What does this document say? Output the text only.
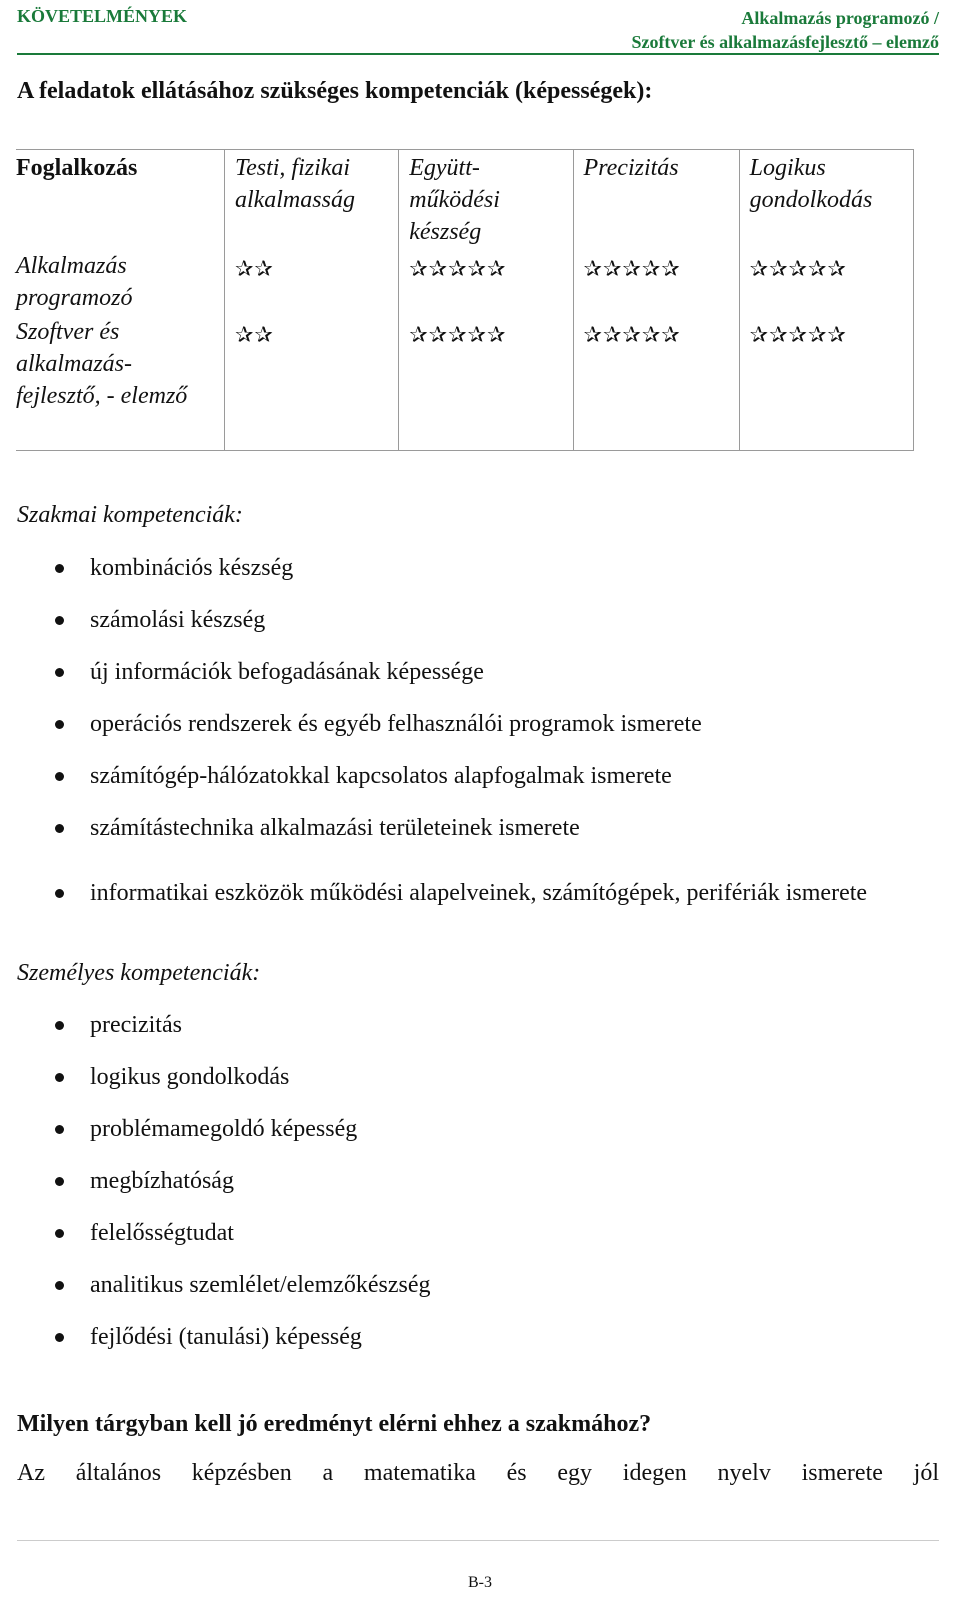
KÖVETELMÉNYEK	Alkalmazás programozó /
Szoftver és alkalmazásfejlesztő – elemző
A feladatok ellátásához szükséges kompetenciák (képességek):
Foglalkozás	Testi, fizikai alkalmasság	Együtt-működési készség	Precizitás	Logikus gondolkodás
Alkalmazás programozó	✰✰	✰✰✰✰✰	✰✰✰✰✰	✰✰✰✰✰
Szoftver és alkalmazás-fejlesztő, - elemző	✰✰	✰✰✰✰✰	✰✰✰✰✰	✰✰✰✰✰
Szakmai kompetenciák:
kombinációs készség
számolási készség
új információk befogadásának képessége
operációs rendszerek és egyéb felhasználói programok ismerete
számítógép-hálózatokkal kapcsolatos alapfogalmak ismerete
számítástechnika alkalmazási területeinek ismerete
informatikai eszközök működési alapelveinek, számítógépek, perifériák ismerete
Személyes kompetenciák:
precizitás
logikus gondolkodás
problémamegoldó képesség
megbízhatóság
felelősségtudat
analitikus szemlélet/elemzőkészség
fejlődési (tanulási) képesség
Milyen tárgyban kell jó eredményt elérni ehhez a szakmához?
Az általános képzésben a matematika és egy idegen nyelv ismerete jól
B-3
